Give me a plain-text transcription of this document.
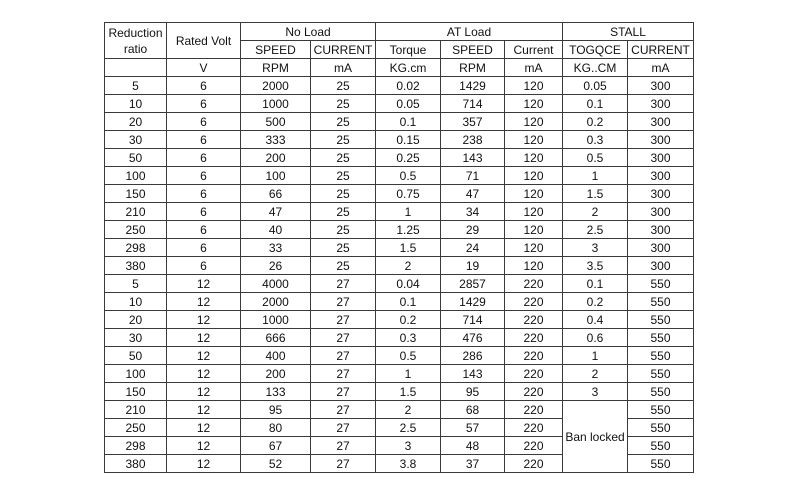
Reduction ratio	Rated Volt	No Load		AT Load			STALL	
		SPEED	CURRENT	Torque	SPEED	Current	TOGQCE	CURRENT
	V	RPM	mA	KG.cm	RPM	mA	KG..CM	mA
5	6	2000	25	0.02	1429	120	0.05	300
10	6	1000	25	0.05	714	120	0.1	300
20	6	500	25	0.1	357	120	0.2	300
30	6	333	25	0.15	238	120	0.3	300
50	6	200	25	0.25	143	120	0.5	300
100	6	100	25	0.5	71	120	1	300
150	6	66	25	0.75	47	120	1.5	300
210	6	47	25	1	34	120	2	300
250	6	40	25	1.25	29	120	2.5	300
298	6	33	25	1.5	24	120	3	300
380	6	26	25	2	19	120	3.5	300
5	12	4000	27	0.04	2857	220	0.1	550
10	12	2000	27	0.1	1429	220	0.2	550
20	12	1000	27	0.2	714	220	0.4	550
30	12	666	27	0.3	476	220	0.6	550
50	12	400	27	0.5	286	220	1	550
100	12	200	27	1	143	220	2	550
150	12	133	27	1.5	95	220	3	550
210	12	95	27	2	68	220	Ban locked	550
250	12	80	27	2.5	57	220		550
298	12	67	27	3	48	220		550
380	12	52	27	3.8	37	220		550
